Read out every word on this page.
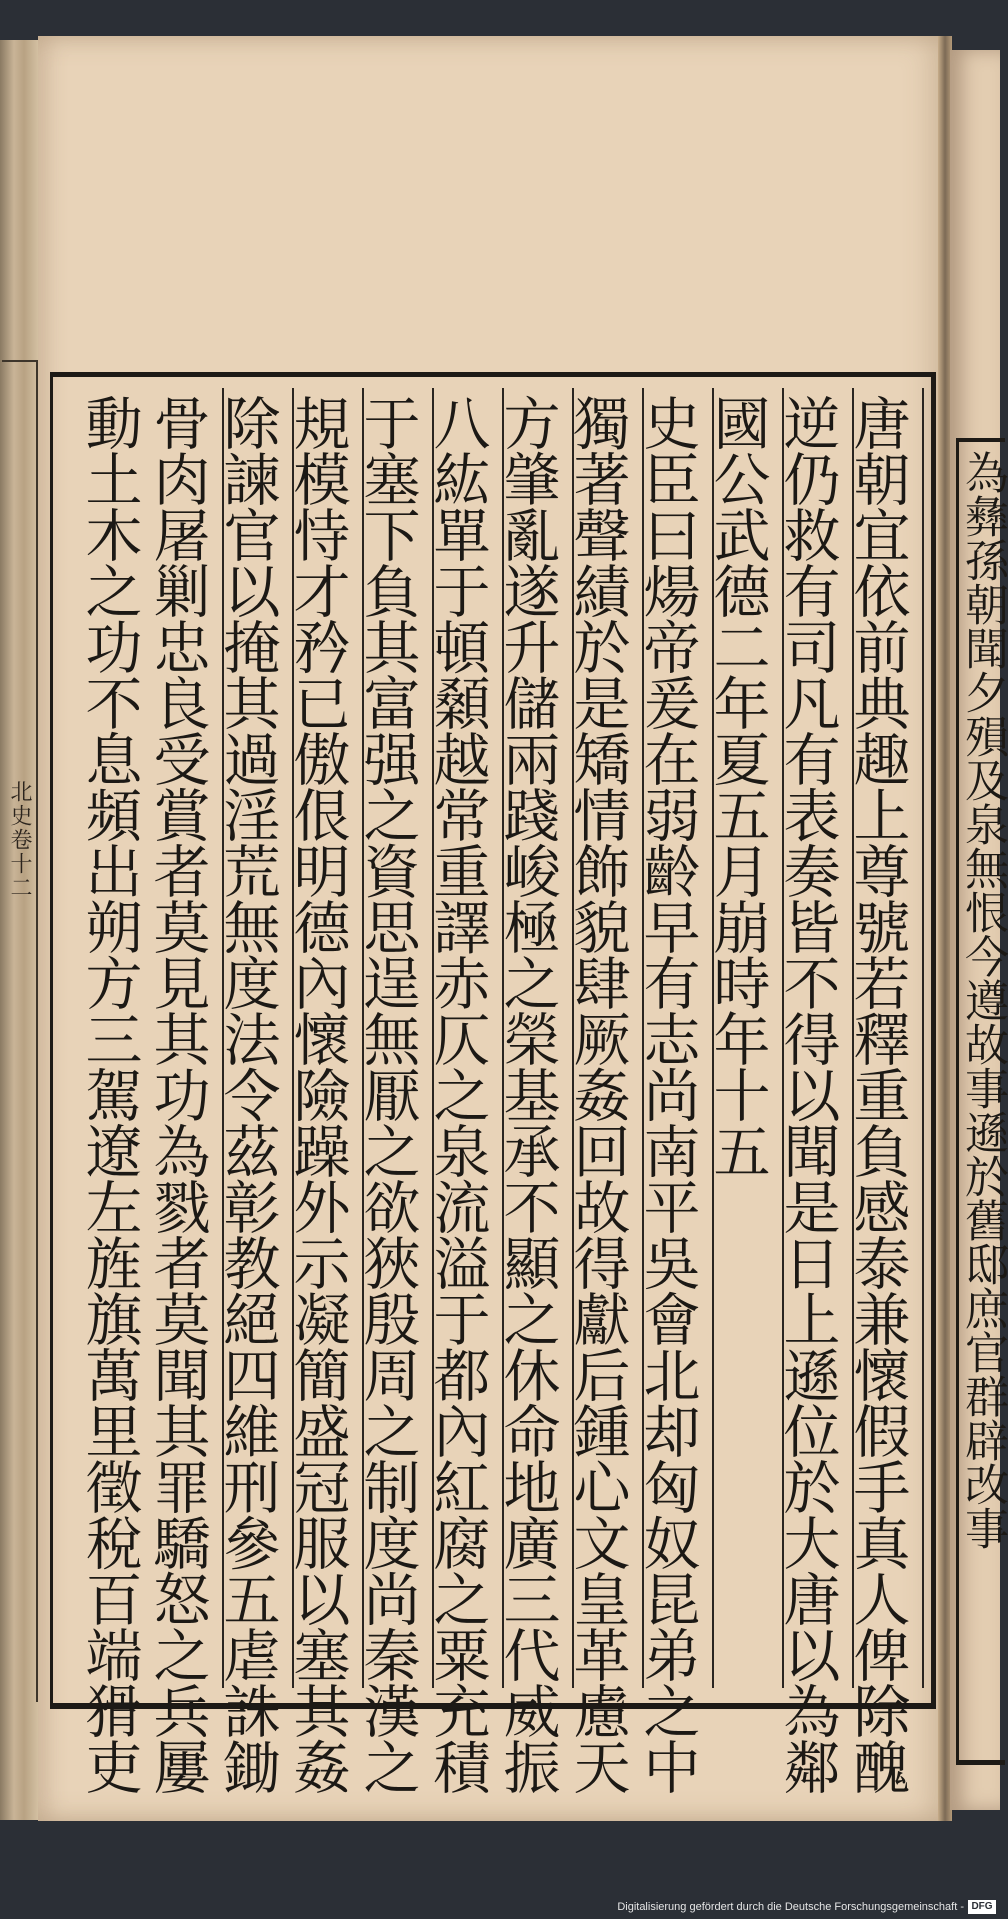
為彝孫朝聞夕殞及泉無恨今遵故事遜於舊邸庶官群辟改事
北史卷十二	唐朝宜依前典趣上尊號若釋重負感泰兼懷假手真人俾除醜
逆仍救有司凡有表奏皆不得以聞是日上遜位於大唐以為鄰
國公武德二年夏五月崩時年十五
史臣曰煬帝爰在弱齡早有志尚南平吳會北却匈奴昆弟之中
獨著聲績於是矯情飾貌肆厥姦回故得獻后鍾心文皇革慮天
方肇亂遂升儲兩踐峻極之榮基承不顯之休命地廣三代威振
八紘單于頓顙越常重譯赤仄之泉流溢于都內紅腐之粟充積
于塞下負其富强之資思逞無厭之欲狹殷周之制度尚秦漢之
規模恃才矜已傲佷明德內懷險躁外示凝簡盛冠服以塞其姦
除諫官以掩其過淫荒無度法令茲彰教絕四維刑參五虐誅鋤
骨肉屠剿忠良受賞者莫見其功為戮者莫聞其罪驕怒之兵屢
動土木之功不息頻出朔方三駕遼左旌旗萬里徵稅百端猾吏
Digitalisierung gefördert durch die Deutsche Forschungsgemeinschaft - DFG
